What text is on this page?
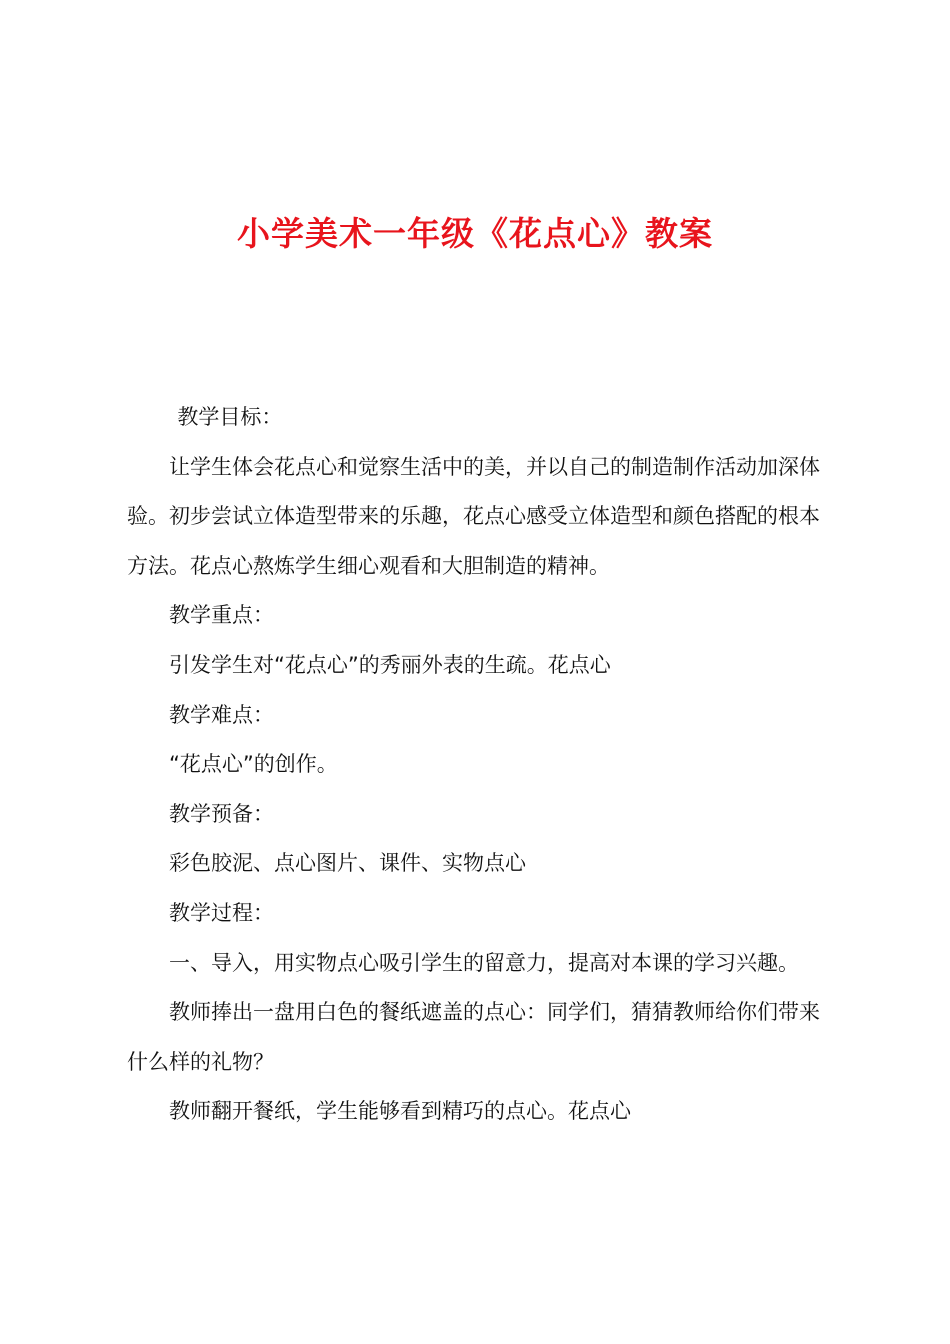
小学美术一年级《花点心》教案

教学目标：

让学生体会花点心和觉察生活中的美，并以自己的制造制作活动加深体验。初步尝试立体造型带来的乐趣，花点心感受立体造型和颜色搭配的根本方法。花点心熬炼学生细心观看和大胆制造的精神。

教学重点：

引发学生对“花点心”的秀丽外表的生疏。花点心

教学难点：

“花点心”的创作。

教学预备：

彩色胶泥、点心图片、课件、实物点心

教学过程：

一、导入，用实物点心吸引学生的留意力，提高对本课的学习兴趣。

教师捧出一盘用白色的餐纸遮盖的点心：同学们，猜猜教师给你们带来什么样的礼物？

教师翻开餐纸，学生能够看到精巧的点心。花点心
